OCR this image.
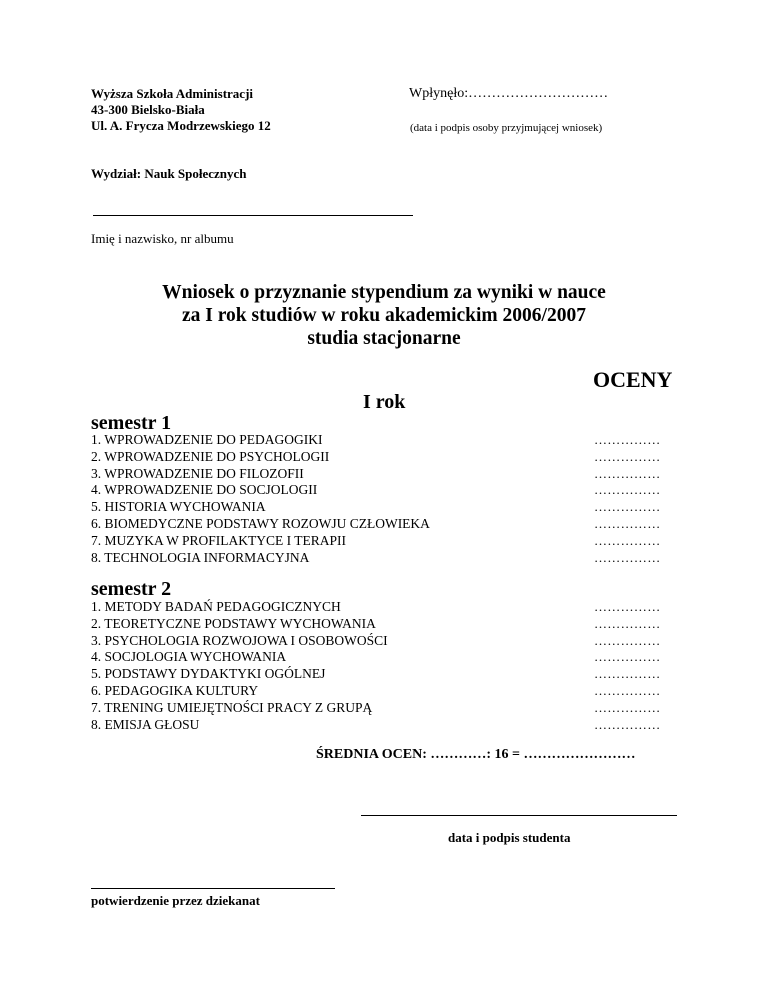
Wyższa Szkoła Administracji
43-300 Bielsko-Biała
Ul. A. Frycza Modrzewskiego 12
Wpłynęło:…………………………
(data i podpis osoby przyjmującej wniosek)
Wydział: Nauk Społecznych
Imię i nazwisko, nr albumu
Wniosek o przyznanie stypendium za wyniki w nauce
za I rok studiów w roku akademickim 2006/2007
studia stacjonarne
OCENY
I rok
semestr 1
1. WPROWADZENIE DO PEDAGOGIKI
2. WPROWADZENIE DO PSYCHOLOGII
3. WPROWADZENIE DO FILOZOFII
4. WPROWADZENIE DO SOCJOLOGII
5. HISTORIA WYCHOWANIA
6. BIOMEDYCZNE PODSTAWY ROZOWJU CZŁOWIEKA
7. MUZYKA W PROFILAKTYCE I TERAPII
8. TECHNOLOGIA INFORMACYJNA
……………
……………
……………
……………
……………
……………
……………
……………
semestr 2
1. METODY BADAŃ PEDAGOGICZNYCH
2. TEORETYCZNE PODSTAWY WYCHOWANIA
3. PSYCHOLOGIA ROZWOJOWA I OSOBOWOŚCI
4. SOCJOLOGIA WYCHOWANIA
5. PODSTAWY DYDAKTYKI OGÓLNEJ
6. PEDAGOGIKA KULTURY
7. TRENING UMIEJĘTNOŚCI PRACY Z GRUPĄ
8. EMISJA GŁOSU
……………
……………
……………
……………
……………
……………
……………
……………
ŚREDNIA OCEN: …………: 16 = ……………………
data i podpis studenta
potwierdzenie przez dziekanat
